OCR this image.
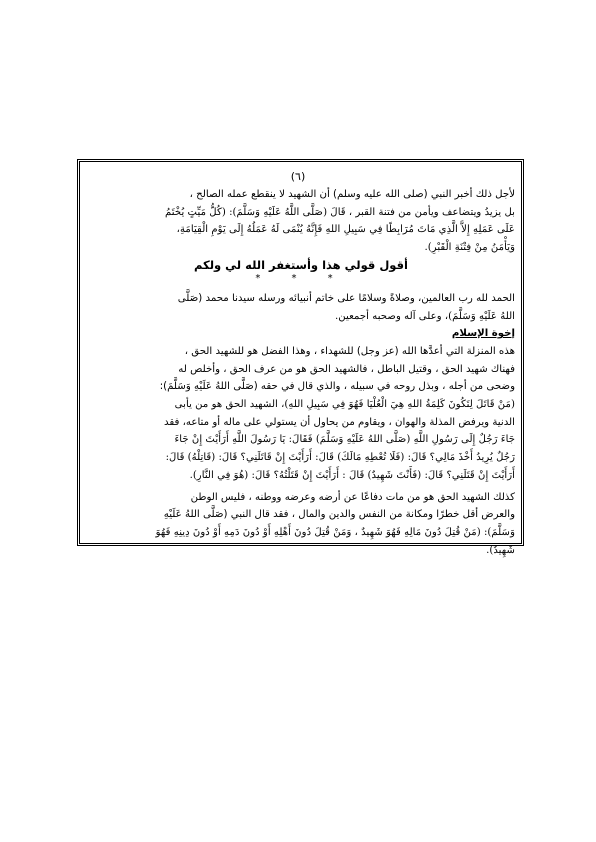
(٦)

لأجل ذلك أخبر النبي (صلى الله عليه وسلم) أن الشهيد لا ينقطع عمله الصالح ،

بل يزيدُ ويتضاعف ويأمن من فتنة القبر ، قَالَ (صَلَّى اللَّهُ عَلَيْهِ وَسَلَّمَ): (كُلُّ مَيِّتٍ يُخْتَمُ

عَلَى عَمَلِهِ إِلاَّ الَّذِي مَاتَ مُرَابِطًا فِي سَبِيلِ اللهِ فَإِنَّهُ يُنْمَى لَهُ عَمَلُهُ إِلَى يَوْمِ الْقِيَامَةِ،

وَيَأْمَنُ مِنْ فِتْنَةِ الْقَبْرِ).

أقول قولي هذا وأستغفر الله لي ولكم

* * *

الحمد لله رب العالمين، وصلاةً وسلامًا على خاتم أنبيائه ورسله سيدنا محمد (صَلَّى

اللهُ عَلَيْهِ وَسَلَّمَ)، وعلى آله وصحبه أجمعين.

إخوة الإسلام

هذه المنزلة التي أعدَّها الله (عز وجل) للشهداء ، وهذا الفضل هو للشهيد الحق ،

فهناك شهيد الحق ، وقتيل الباطل ، فالشهيد الحق هو من عرف الحق ، وأخلص له

وضحى من أجله ، وبذل روحه في سبيله ، والذي قال في حقه (صَلَّى اللهُ عَلَيْهِ وَسَلَّمَ):

(مَنْ قَاتَلَ لِتَكُونَ كَلِمَةُ اللهِ هِيَ الْعُلْيَا فَهُوَ فِي سَبِيلِ اللهِ)، الشهيد الحق هو من يأبى

الدنية ويرفض المذلة والهوان ، ويقاوم من يحاول أن يستولي على ماله أو متاعه، فقد

جَاءَ رَجُلٌ إِلَى رَسُولِ اللَّهِ (صَلَّى اللهُ عَلَيْهِ وَسَلَّمَ) فَقَالَ: يَا رَسُولَ اللَّهِ أَرَأَيْتَ إِنْ جَاءَ

رَجُلٌ يُرِيدُ أَخْذَ مَالِي؟ قَالَ: (فَلَا تُعْطِهِ مَالَكَ) قَالَ: أَرَأَيْتَ إِنْ قَاتَلَنِي؟ قَالَ: (قَاتِلْهُ) قَالَ:

أَرَأَيْتَ إِنْ قَتَلَنِي؟ قَالَ: (فَأَنْتَ شَهِيدٌ) قَالَ : أَرَأَيْتَ إِنْ قَتَلْتُهُ؟ قَالَ: (هُوَ فِي النَّارِ).

كذلك الشهيد الحق هو من مات دفاعًا عن أرضه وعرضه ووطنه ، فليس الوطن

والعرض أقل خطرًا ومكانة من النفس والدين والمال ، فقد قال النبي (صَلَّى اللهُ عَلَيْهِ

وَسَلَّمَ): (مَنْ قُتِلَ دُونَ مَالِهِ فَهُوَ شَهِيدٌ ، وَمَنْ قُتِلَ دُونَ أَهْلِهِ أَوْ دُونَ دَمِهِ أَوْ دُونَ دِينِهِ فَهُوَ

شَهِيدٌ).
